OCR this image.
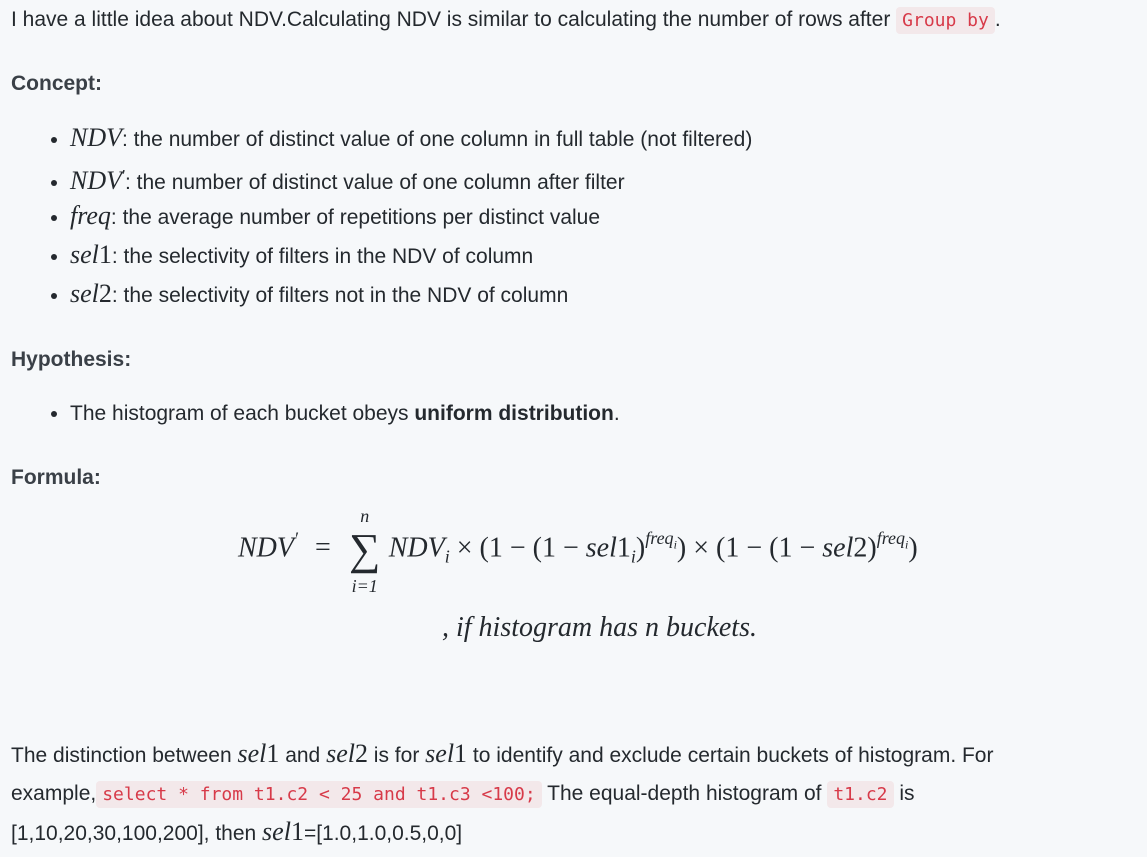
I have a little idea about NDV.Calculating NDV is similar to calculating the number of rows after Group by .

Concept:
• NDV: the number of distinct value of one column in full table (not filtered)
• NDV′: the number of distinct value of one column after filter
• freq: the average number of repetitions per distinct value
• sel1: the selectivity of filters in the NDV of column
• sel2: the selectivity of filters not in the NDV of column
Hypothesis:
• The histogram of each bucket obeys uniform distribution.
Formula:
NDV′ =
n
∑
i=1
$NDV_i \times (1 - (1 - sel1_i)^{freq_i}) \times (1 - (1 - sel2)^{freq_i})$
, if histogram has n buckets.

The distinction between sel1 and sel2 is for sel1 to identify and exclude certain buckets of histogram. For

example, select * from t1.c2 < 25 and t1.c3 <100; The equal-depth histogram of t1.c2 is

[1,10,20,30,100,200], then sel1=[1.0,1.0,0.5,0,0]
